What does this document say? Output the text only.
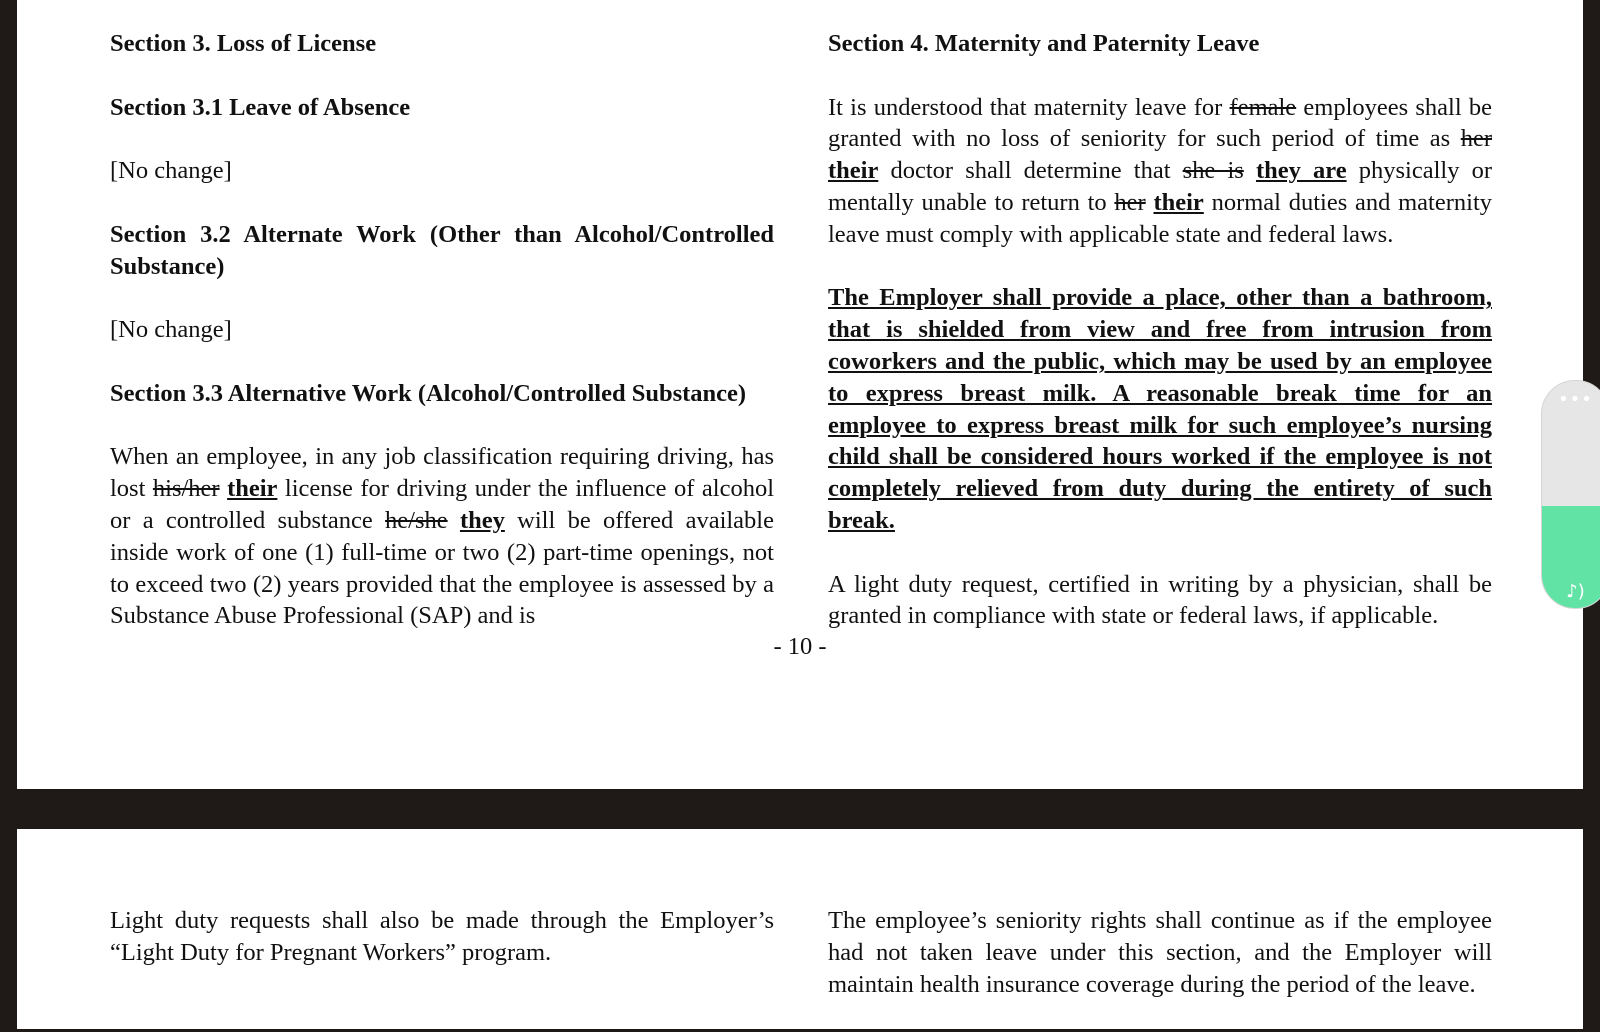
Section 3. Loss of License

Section 3.1 Leave of Absence

[No change]

Section 3.2 Alternate Work (Other than Alcohol/Controlled Substance)

[No change]

Section 3.3 Alternative Work (Alcohol/Controlled Substance)

When an employee, in any job classification requiring driving, has lost his/her their license for driving under the influence of alcohol or a controlled substance he/she they will be offered available inside work of one (1) full-time or two (2) part-time openings, not to exceed two (2) years provided that the employee is assessed by a Substance Abuse Professional (SAP) and is

Section 4. Maternity and Paternity Leave

It is understood that maternity leave for female employees shall be granted with no loss of seniority for such period of time as her their doctor shall determine that she is they are physically or mentally unable to return to her their normal duties and maternity leave must comply with applicable state and federal laws.

The Employer shall provide a place, other than a bathroom, that is shielded from view and free from intrusion from coworkers and the public, which may be used by an employee to express breast milk. A reasonable break time for an employee to express breast milk for such employee’s nursing child shall be considered hours worked if the employee is not completely relieved from duty during the entirety of such break.

A light duty request, certified in writing by a physician, shall be granted in compliance with state or federal laws, if applicable.

- 10 -

Light duty requests shall also be made through the Employer’s “Light Duty for Pregnant Workers” program.

The employee’s seniority rights shall continue as if the employee had not taken leave under this section, and the Employer will maintain health insurance coverage during the period of the leave.

•••
♪)
